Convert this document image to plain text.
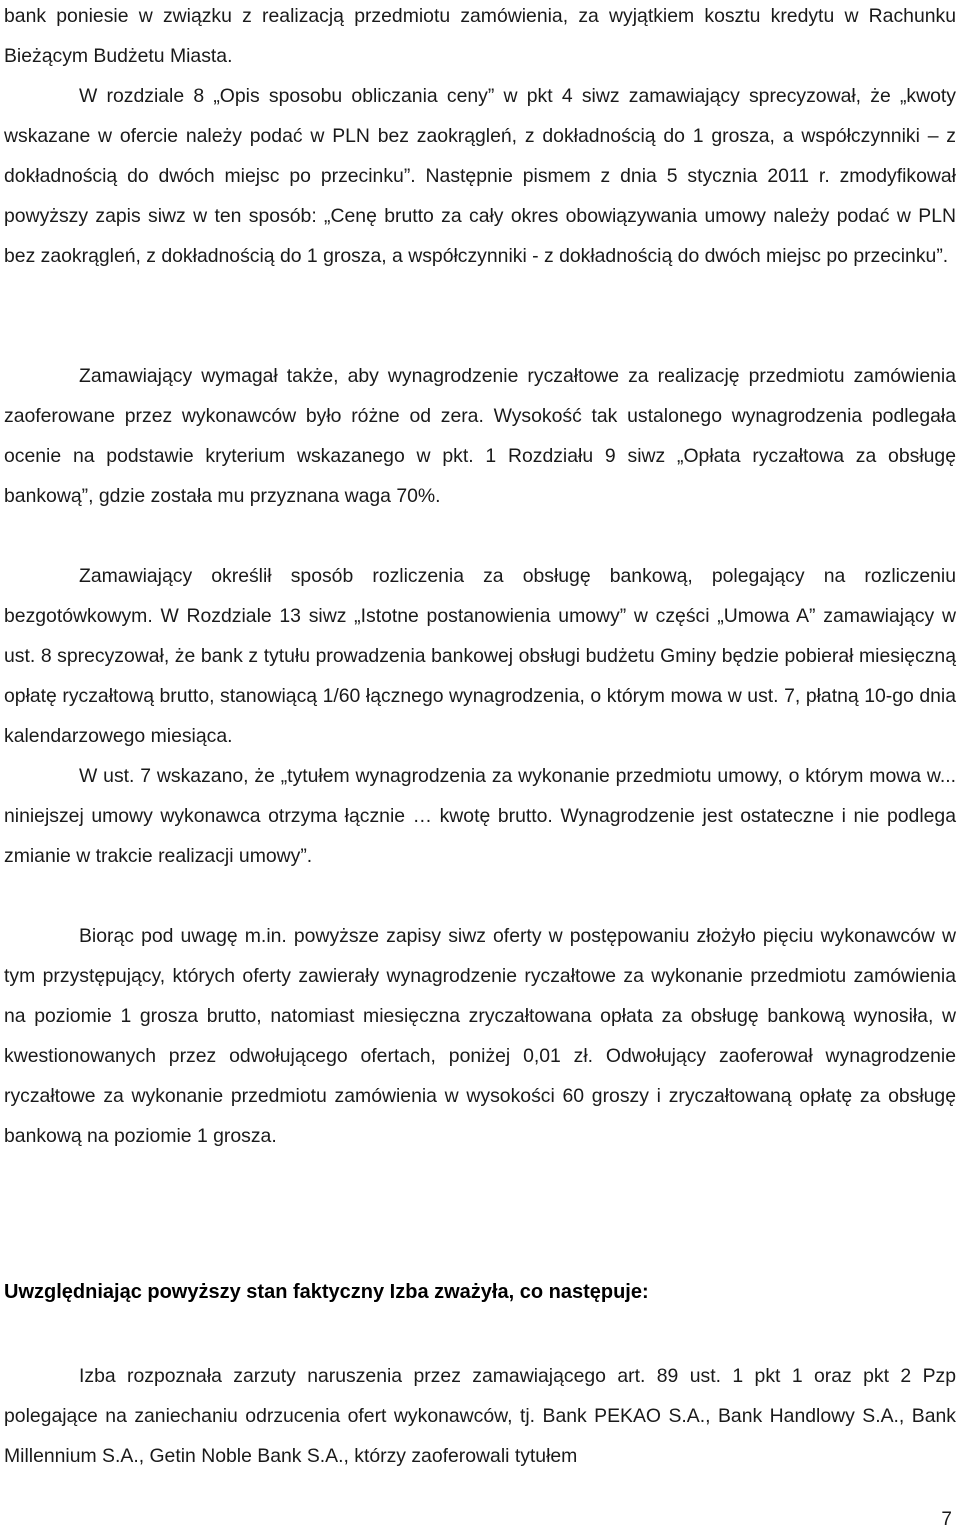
bank poniesie w związku z realizacją przedmiotu zamówienia, za wyjątkiem kosztu kredytu w Rachunku Bieżącym Budżetu Miasta.

W rozdziale 8 „Opis sposobu obliczania ceny” w pkt 4 siwz zamawiający sprecyzował, że „kwoty wskazane w ofercie należy podać w PLN bez zaokrągleń, z dokładnością do 1 grosza, a współczynniki – z dokładnością do dwóch miejsc po przecinku”. Następnie pismem z dnia 5 stycznia 2011 r. zmodyfikował powyższy zapis siwz w ten sposób: „Cenę brutto za cały okres obowiązywania umowy należy podać w PLN bez zaokrągleń, z dokładnością do 1 grosza, a współczynniki - z dokładnością do dwóch miejsc po przecinku”.

Zamawiający wymagał także, aby wynagrodzenie ryczałtowe za realizację przedmiotu zamówienia zaoferowane przez wykonawców było różne od zera. Wysokość tak ustalonego wynagrodzenia podlegała ocenie na podstawie kryterium wskazanego w pkt. 1 Rozdziału 9 siwz „Opłata ryczałtowa za obsługę bankową”, gdzie została mu przyznana waga 70%.

Zamawiający określił sposób rozliczenia za obsługę bankową, polegający na rozliczeniu bezgotówkowym. W Rozdziale 13 siwz „Istotne postanowienia umowy” w części „Umowa A” zamawiający w ust. 8 sprecyzował, że bank z tytułu prowadzenia bankowej obsługi budżetu Gminy będzie pobierał miesięczną opłatę ryczałtową brutto, stanowiącą 1/60 łącznego wynagrodzenia, o którym mowa w ust. 7, płatną 10-go dnia kalendarzowego miesiąca.

W ust. 7 wskazano, że „tytułem wynagrodzenia za wykonanie przedmiotu umowy, o którym mowa w... niniejszej umowy wykonawca otrzyma łącznie … kwotę brutto. Wynagrodzenie jest ostateczne i nie podlega zmianie w trakcie realizacji umowy”.

Biorąc pod uwagę m.in. powyższe zapisy siwz oferty w postępowaniu złożyło pięciu wykonawców w tym przystępujący, których oferty zawierały wynagrodzenie ryczałtowe za wykonanie przedmiotu zamówienia na poziomie 1 grosza brutto, natomiast miesięczna zryczałtowana opłata za obsługę bankową wynosiła, w kwestionowanych przez odwołującego ofertach, poniżej 0,01 zł. Odwołujący zaoferował wynagrodzenie ryczałtowe za wykonanie przedmiotu zamówienia w wysokości 60 groszy i zryczałtowaną opłatę za obsługę bankową na poziomie 1 grosza.

Uwzględniając powyższy stan faktyczny Izba zważyła, co następuje:

Izba rozpoznała zarzuty naruszenia przez zamawiającego art. 89 ust. 1 pkt 1 oraz pkt 2 Pzp polegające na zaniechaniu odrzucenia ofert wykonawców, tj. Bank PEKAO S.A., Bank Handlowy S.A., Bank Millennium S.A., Getin Noble Bank S.A., którzy zaoferowali tytułem

7
